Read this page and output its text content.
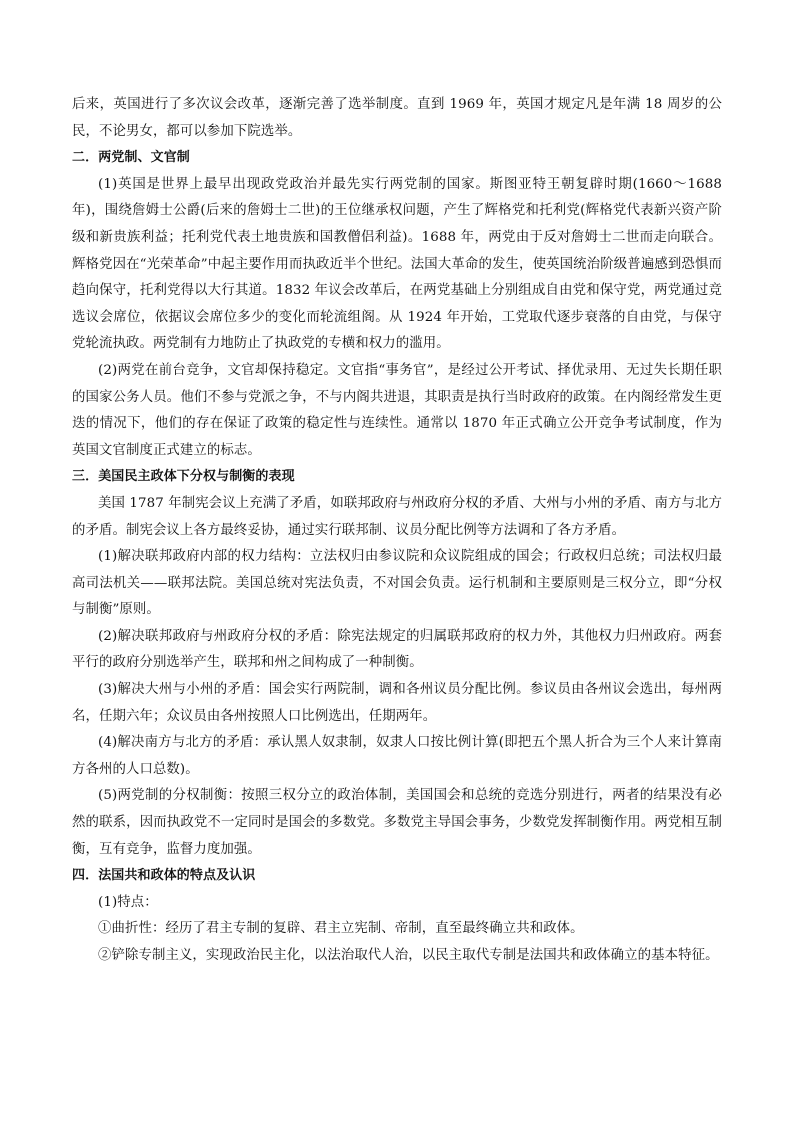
后来，英国进行了多次议会改革，逐渐完善了选举制度。直到 1969 年，英国才规定凡是年满 18 周岁的公民，不论男女，都可以参加下院选举。

二．两党制、文官制

(1)英国是世界上最早出现政党政治并最先实行两党制的国家。斯图亚特王朝复辟时期(1660～1688 年)，围绕詹姆士公爵(后来的詹姆士二世)的王位继承权问题，产生了辉格党和托利党(辉格党代表新兴资产阶级和新贵族利益；托利党代表土地贵族和国教僧侣利益)。1688 年，两党由于反对詹姆士二世而走向联合。辉格党因在“光荣革命”中起主要作用而执政近半个世纪。法国大革命的发生，使英国统治阶级普遍感到恐惧而趋向保守，托利党得以大行其道。1832 年议会改革后，在两党基础上分别组成自由党和保守党，两党通过竞选议会席位，依据议会席位多少的变化而轮流组阁。从 1924 年开始，工党取代逐步衰落的自由党，与保守党轮流执政。两党制有力地防止了执政党的专横和权力的滥用。

(2)两党在前台竞争，文官却保持稳定。文官指“事务官”，是经过公开考试、择优录用、无过失长期任职的国家公务人员。他们不参与党派之争，不与内阁共进退，其职责是执行当时政府的政策。在内阁经常发生更迭的情况下，他们的存在保证了政策的稳定性与连续性。通常以 1870 年正式确立公开竞争考试制度，作为英国文官制度正式建立的标志。

三．美国民主政体下分权与制衡的表现

美国 1787 年制宪会议上充满了矛盾，如联邦政府与州政府分权的矛盾、大州与小州的矛盾、南方与北方的矛盾。制宪会议上各方最终妥协，通过实行联邦制、议员分配比例等方法调和了各方矛盾。

(1)解决联邦政府内部的权力结构：立法权归由参议院和众议院组成的国会；行政权归总统；司法权归最高司法机关——联邦法院。美国总统对宪法负责，不对国会负责。运行机制和主要原则是三权分立，即“分权与制衡”原则。

(2)解决联邦政府与州政府分权的矛盾：除宪法规定的归属联邦政府的权力外，其他权力归州政府。两套平行的政府分别选举产生，联邦和州之间构成了一种制衡。

(3)解决大州与小州的矛盾：国会实行两院制，调和各州议员分配比例。参议员由各州议会选出，每州两名，任期六年；众议员由各州按照人口比例选出，任期两年。

(4)解决南方与北方的矛盾：承认黑人奴隶制，奴隶人口按比例计算(即把五个黑人折合为三个人来计算南方各州的人口总数)。

(5)两党制的分权制衡：按照三权分立的政治体制，美国国会和总统的竞选分别进行，两者的结果没有必然的联系，因而执政党不一定同时是国会的多数党。多数党主导国会事务，少数党发挥制衡作用。两党相互制衡，互有竞争，监督力度加强。

四．法国共和政体的特点及认识

(1)特点：

①曲折性：经历了君主专制的复辟、君主立宪制、帝制，直至最终确立共和政体。

②铲除专制主义，实现政治民主化，以法治取代人治，以民主取代专制是法国共和政体确立的基本特征。
